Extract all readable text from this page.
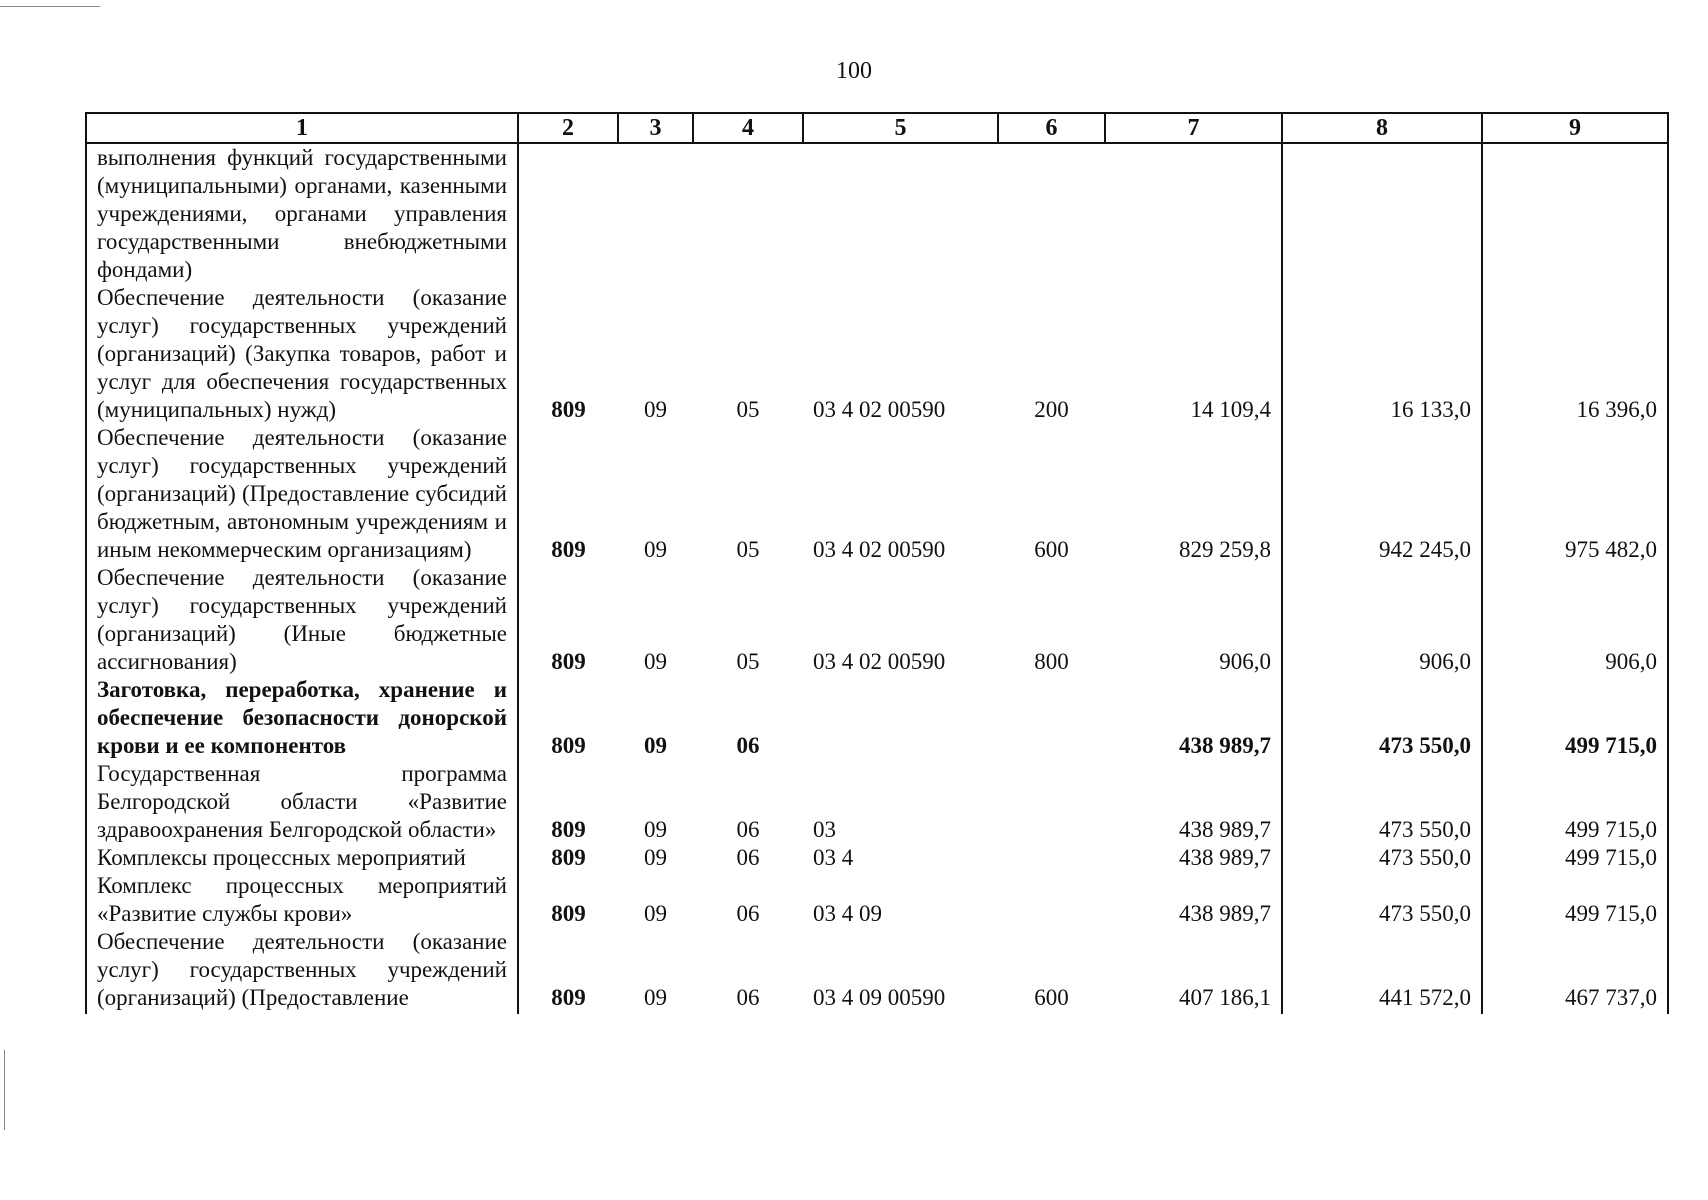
100
1	2	3	4	5	6	7	8	9
выполнения функций государственными (муниципальными) органами, казенными учреждениями, органами управления государственными внебюджетными фондами)								
Обеспечение деятельности (оказание услуг) государственных учреждений (организаций) (Закупка товаров, работ и услуг для обеспечения государственных (муниципальных) нужд)	809	09	05	03 4 02 00590	200	14 109,4	16 133,0	16 396,0
Обеспечение деятельности (оказание услуг) государственных учреждений (организаций) (Предоставление субсидий бюджетным, автономным учреждениям и иным некоммерческим организациям)	809	09	05	03 4 02 00590	600	829 259,8	942 245,0	975 482,0
Обеспечение деятельности (оказание услуг) государственных учреждений (организаций) (Иные бюджетные ассигнования)	809	09	05	03 4 02 00590	800	906,0	906,0	906,0
Заготовка, переработка, хранение и обеспечение безопасности донорской крови и ее компонентов	809	09	06			438 989,7	473 550,0	499 715,0
Государственная программа Белгородской области «Развитие здравоохранения Белгородской области»	809	09	06	03		438 989,7	473 550,0	499 715,0
Комплексы процессных мероприятий	809	09	06	03 4		438 989,7	473 550,0	499 715,0
Комплекс процессных мероприятий «Развитие службы крови»	809	09	06	03 4 09		438 989,7	473 550,0	499 715,0
Обеспечение деятельности (оказание услуг) государственных учреждений (организаций) (Предоставление	809	09	06	03 4 09 00590	600	407 186,1	441 572,0	467 737,0
